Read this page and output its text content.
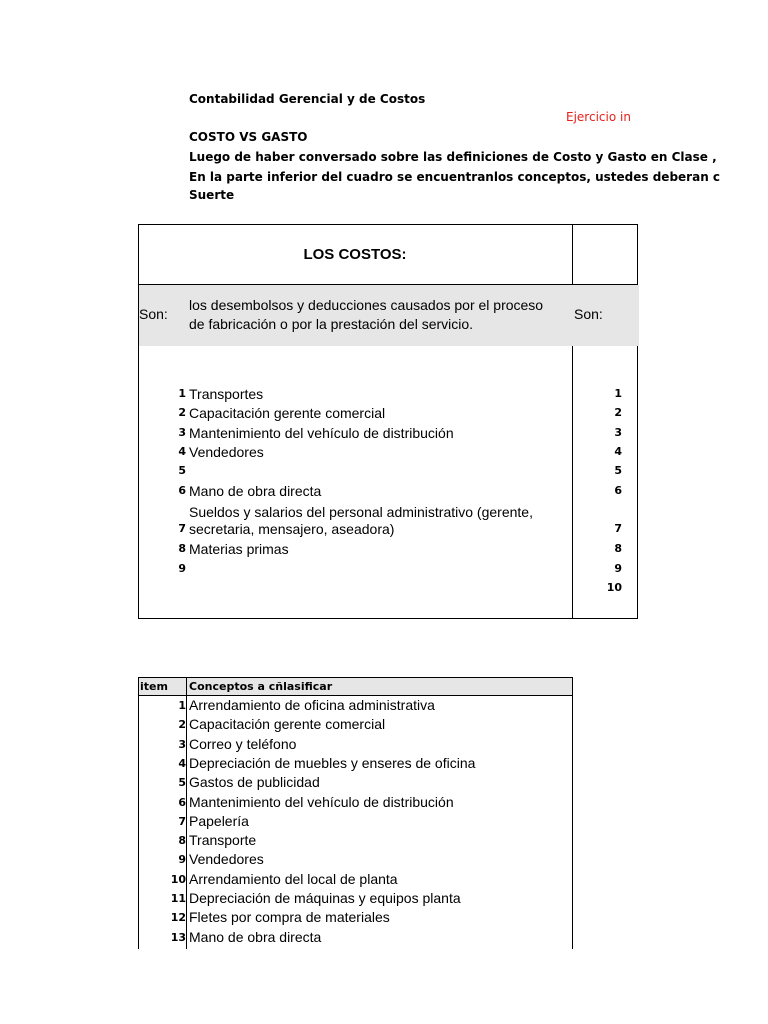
Contabilidad Gerencial y de Costos
Ejercicio in
COSTO VS GASTO
Luego de haber conversado sobre las definiciones de Costo y Gasto en Clase ,
En la parte inferior del cuadro se encuentranlos conceptos, ustedes deberan c
Suerte
LOS COSTOS:
Son:
los desembolsos y deducciones causados por el proceso
de fabricación o por la prestación del servicio.
Son:
1
2
3
4
5
6
7
8
9
Transportes
Capacitación gerente comercial
Mantenimiento del vehículo de distribución
Vendedores
Mano de obra directa
Sueldos y salarios del personal administrativo (gerente,
secretaria, mensajero, aseadora)
Materias primas
1
2
3
4
5
6
7
8
9
10
item Conceptos a cñlasificar
1 Arrendamiento de oficina administrativa
2 Capacitación gerente comercial
3 Correo y teléfono
4 Depreciación de muebles y enseres de oficina
5 Gastos de publicidad
6 Mantenimiento del vehículo de distribución
7 Papelería
8 Transporte
9 Vendedores
10 Arrendamiento del local de planta
11 Depreciación de máquinas y equipos planta
12 Fletes por compra de materiales
13 Mano de obra directa
